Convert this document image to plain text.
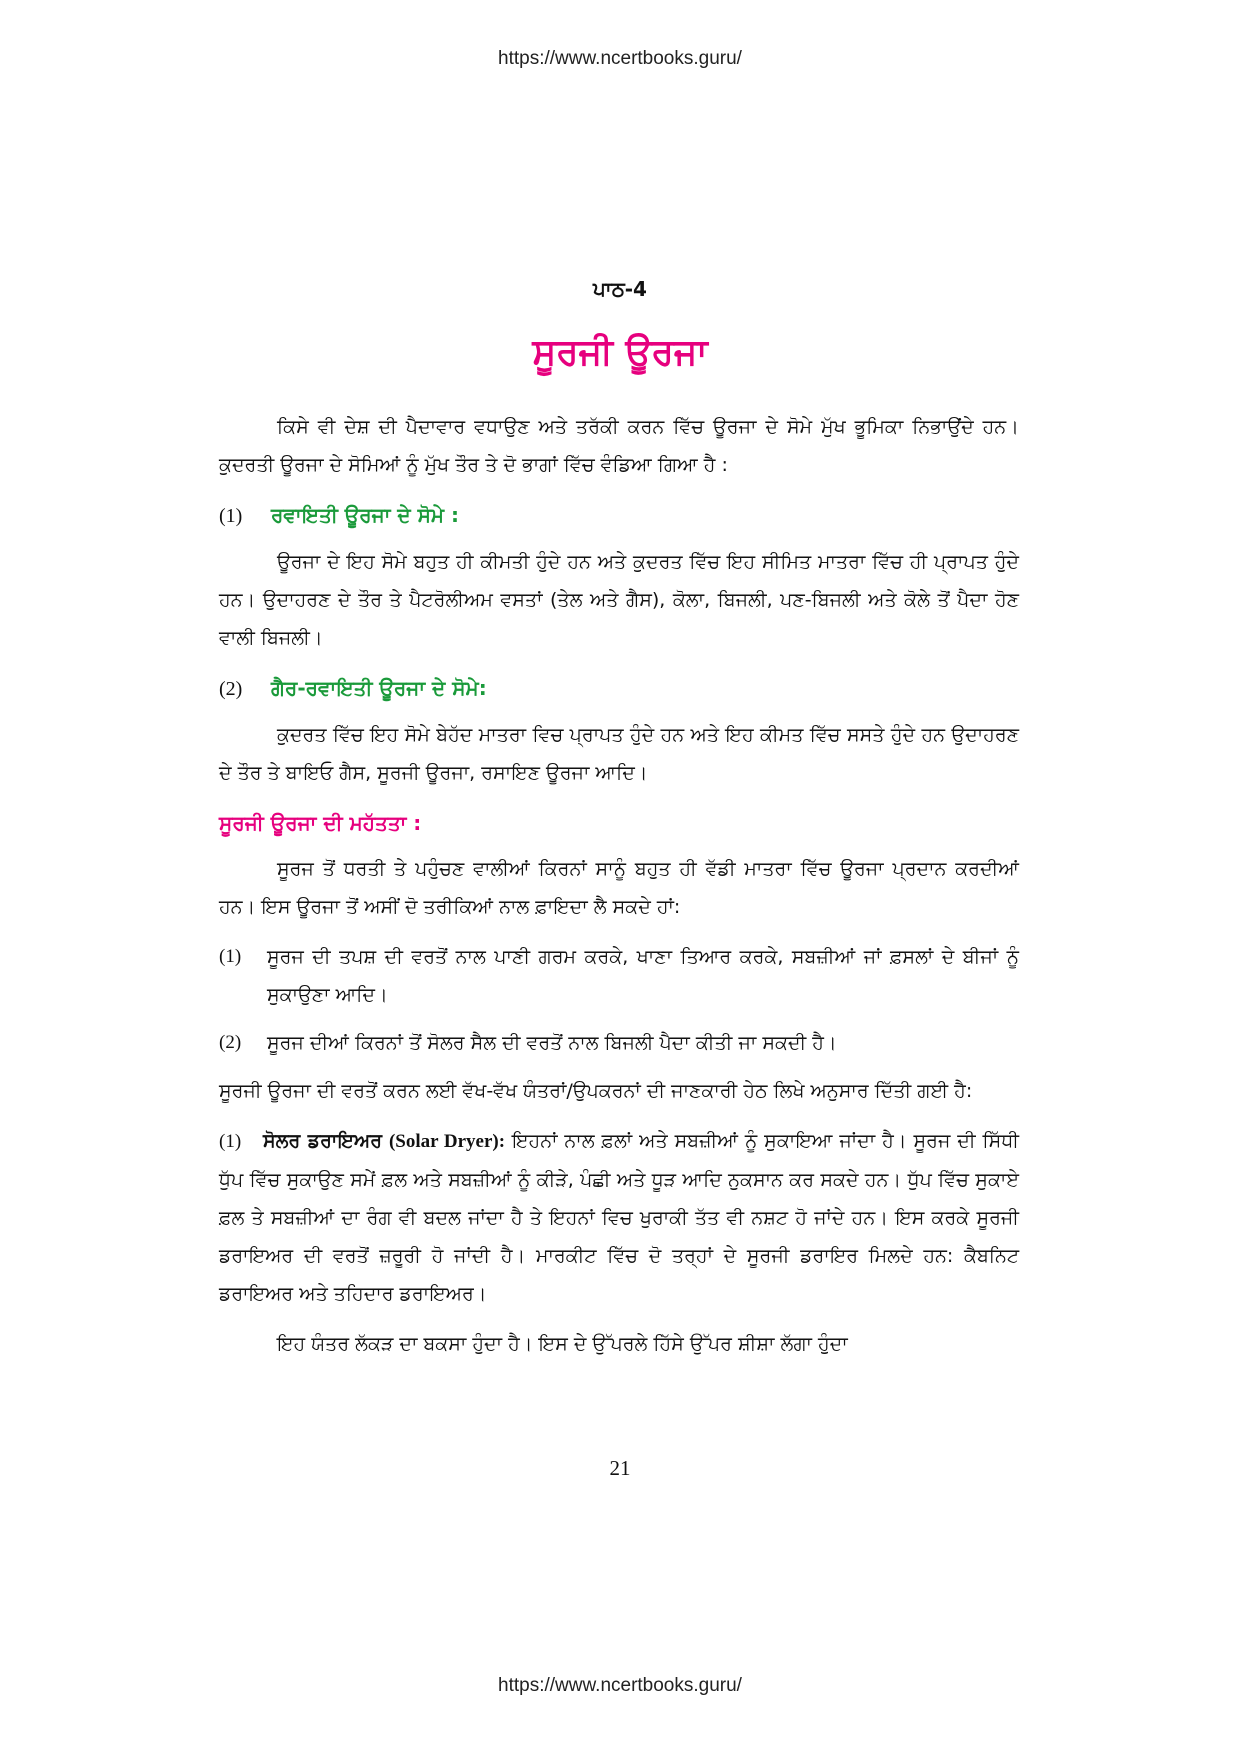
https://www.ncertbooks.guru/
ਪਾਠ-4
ਸੂਰਜੀ ਊਰਜਾ

ਕਿਸੇ ਵੀ ਦੇਸ਼ ਦੀ ਪੈਦਾਵਾਰ ਵਧਾਉਣ ਅਤੇ ਤਰੱਕੀ ਕਰਨ ਵਿੱਚ ਊਰਜਾ ਦੇ ਸੋਮੇ ਮੁੱਖ ਭੂਮਿਕਾ ਨਿਭਾਉਂਦੇ ਹਨ। ਕੁਦਰਤੀ ਊਰਜਾ ਦੇ ਸੋਮਿਆਂ ਨੂੰ ਮੁੱਖ ਤੌਰ ਤੇ ਦੋ ਭਾਗਾਂ ਵਿੱਚ ਵੰਡਿਆ ਗਿਆ ਹੈ :

(1) ਰਵਾਇਤੀ ਊਰਜਾ ਦੇ ਸੋਮੇ :

ਊਰਜਾ ਦੇ ਇਹ ਸੋਮੇ ਬਹੁਤ ਹੀ ਕੀਮਤੀ ਹੁੰਦੇ ਹਨ ਅਤੇ ਕੁਦਰਤ ਵਿੱਚ ਇਹ ਸੀਮਿਤ ਮਾਤਰਾ ਵਿੱਚ ਹੀ ਪ੍ਰਾਪਤ ਹੁੰਦੇ ਹਨ। ਉਦਾਹਰਣ ਦੇ ਤੌਰ ਤੇ ਪੈਟਰੋਲੀਅਮ ਵਸਤਾਂ (ਤੇਲ ਅਤੇ ਗੈਸ), ਕੋਲਾ, ਬਿਜਲੀ, ਪਣ-ਬਿਜਲੀ ਅਤੇ ਕੋਲੇ ਤੋਂ ਪੈਦਾ ਹੋਣ ਵਾਲੀ ਬਿਜਲੀ।

(2) ਗੈਰ-ਰਵਾਇਤੀ ਊਰਜਾ ਦੇ ਸੋਮੇ:

ਕੁਦਰਤ ਵਿੱਚ ਇਹ ਸੋਮੇ ਬੇਹੱਦ ਮਾਤਰਾ ਵਿਚ ਪ੍ਰਾਪਤ ਹੁੰਦੇ ਹਨ ਅਤੇ ਇਹ ਕੀਮਤ ਵਿੱਚ ਸਸਤੇ ਹੁੰਦੇ ਹਨ ਉਦਾਹਰਣ ਦੇ ਤੌਰ ਤੇ ਬਾਇਓ ਗੈਸ, ਸੂਰਜੀ ਊਰਜਾ, ਰਸਾਇਣ ਊਰਜਾ ਆਦਿ।

ਸੂਰਜੀ ਊਰਜਾ ਦੀ ਮਹੱਤਤਾ :

ਸੂਰਜ ਤੋਂ ਧਰਤੀ ਤੇ ਪਹੁੰਚਣ ਵਾਲੀਆਂ ਕਿਰਨਾਂ ਸਾਨੂੰ ਬਹੁਤ ਹੀ ਵੱਡੀ ਮਾਤਰਾ ਵਿੱਚ ਊਰਜਾ ਪ੍ਰਦਾਨ ਕਰਦੀਆਂ ਹਨ। ਇਸ ਊਰਜਾ ਤੋਂ ਅਸੀਂ ਦੋ ਤਰੀਕਿਆਂ ਨਾਲ ਫ਼ਾਇਦਾ ਲੈ ਸਕਦੇ ਹਾਂ:

(1)	ਸੂਰਜ ਦੀ ਤਪਸ਼ ਦੀ ਵਰਤੋਂ ਨਾਲ ਪਾਣੀ ਗਰਮ ਕਰਕੇ, ਖਾਣਾ ਤਿਆਰ ਕਰਕੇ, ਸਬਜ਼ੀਆਂ ਜਾਂ ਫ਼ਸਲਾਂ ਦੇ ਬੀਜਾਂ ਨੂੰ ਸੁਕਾਉਣਾ ਆਦਿ।
(2)	ਸੂਰਜ ਦੀਆਂ ਕਿਰਨਾਂ ਤੋਂ ਸੋਲਰ ਸੈਲ ਦੀ ਵਰਤੋਂ ਨਾਲ ਬਿਜਲੀ ਪੈਦਾ ਕੀਤੀ ਜਾ ਸਕਦੀ ਹੈ।

ਸੂਰਜੀ ਊਰਜਾ ਦੀ ਵਰਤੋਂ ਕਰਨ ਲਈ ਵੱਖ-ਵੱਖ ਯੰਤਰਾਂ/ਉਪਕਰਨਾਂ ਦੀ ਜਾਣਕਾਰੀ ਹੇਠ ਲਿਖੇ ਅਨੁਸਾਰ ਦਿੱਤੀ ਗਈ ਹੈ:

(1) ਸੋਲਰ ਡਰਾਇਅਰ (Solar Dryer): ਇਹਨਾਂ ਨਾਲ ਫ਼ਲਾਂ ਅਤੇ ਸਬਜ਼ੀਆਂ ਨੂੰ ਸੁਕਾਇਆ ਜਾਂਦਾ ਹੈ। ਸੂਰਜ ਦੀ ਸਿੱਧੀ ਧੁੱਪ ਵਿੱਚ ਸੁਕਾਉਣ ਸਮੇਂ ਫ਼ਲ ਅਤੇ ਸਬਜ਼ੀਆਂ ਨੂੰ ਕੀੜੇ, ਪੰਛੀ ਅਤੇ ਧੂੜ ਆਦਿ ਨੁਕਸਾਨ ਕਰ ਸਕਦੇ ਹਨ। ਧੁੱਪ ਵਿੱਚ ਸੁਕਾਏ ਫ਼ਲ ਤੇ ਸਬਜ਼ੀਆਂ ਦਾ ਰੰਗ ਵੀ ਬਦਲ ਜਾਂਦਾ ਹੈ ਤੇ ਇਹਨਾਂ ਵਿਚ ਖੁਰਾਕੀ ਤੱਤ ਵੀ ਨਸ਼ਟ ਹੋ ਜਾਂਦੇ ਹਨ। ਇਸ ਕਰਕੇ ਸੂਰਜੀ ਡਰਾਇਅਰ ਦੀ ਵਰਤੋਂ ਜ਼ਰੂਰੀ ਹੋ ਜਾਂਦੀ ਹੈ। ਮਾਰਕੀਟ ਵਿੱਚ ਦੋ ਤਰ੍ਹਾਂ ਦੇ ਸੂਰਜੀ ਡਰਾਇਰ ਮਿਲਦੇ ਹਨ: ਕੈਬਨਿਟ ਡਰਾਇਅਰ ਅਤੇ ਤਹਿਦਾਰ ਡਰਾਇਅਰ।

ਇਹ ਯੰਤਰ ਲੱਕੜ ਦਾ ਬਕਸਾ ਹੁੰਦਾ ਹੈ। ਇਸ ਦੇ ਉੱਪਰਲੇ ਹਿੱਸੇ ਉੱਪਰ ਸ਼ੀਸ਼ਾ ਲੱਗਾ ਹੁੰਦਾ

21
https://www.ncertbooks.guru/
